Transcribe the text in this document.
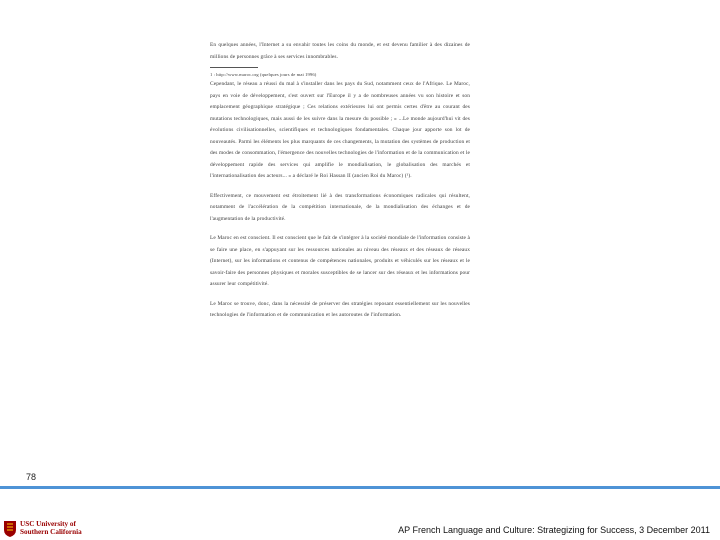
En quelques années, l'Internet a su envahir toutes les coins du monde, et est devenu familier à des dizaines de millions de personnes grâce à ses services innombrables.

1 : http://www.maroc.org (quelques jours de mai 1996)

Cependant, le réseau a réussi du mal à s'installer dans les pays du Sud, notamment ceux de l'Afrique. Le Maroc, pays en voie de développement, s'est ouvert sur l'Europe il y a de nombreuses années vu son histoire et son emplacement géographique stratégique ; Ces relations extérieures lui ont permis certes d'être au courant des mutations technologiques, mais aussi de les suivre dans la mesure du possible ; « ...Le monde aujourd'hui vit des évolutions civilisationnelles, scientifiques et technologiques fondamentales. Chaque jour apporte son lot de nouveautés. Parmi les éléments les plus marquants de ces changements, la mutation des systèmes de production et des modes de consommation, l'émergence des nouvelles technologies de l'information et de la communication et le développement rapide des services qui amplifie le mondialisation, le globalisation des marchés et l'internationalisation des acteurs... » a déclaré le Roi Hassan II (ancien Roi du Maroc) (¹).

Effectivement, ce mouvement est étroitement lié à des transformations économiques radicales qui résultent, notamment de l'accélération de la compétition internationale, de la mondialisation des échanges et de l'augmentation de la productivité.

Le Maroc en est conscient. Il est conscient que le fait de s'intégrer à la société mondiale de l'information consiste à se faire une place, en s'appuyant sur les ressources nationales au niveau des réseaux et des réseaux de réseaux (Internet), sur les informations et contenus de compétences nationales, produits et véhiculés sur les réseaux et le savoir-faire des personnes physiques et morales susceptibles de se lancer sur des réseaux et les informations pour assurer leur compétitivité.

Le Maroc se trouve, donc, dans la nécessité de préserver des stratégies reposant essentiellement sur les nouvelles technologies de l'information et de communication et les autoroutes de l'information.

78
USC University of
Southern California	AP French Language and Culture: Strategizing for Success, 3 December 2011
